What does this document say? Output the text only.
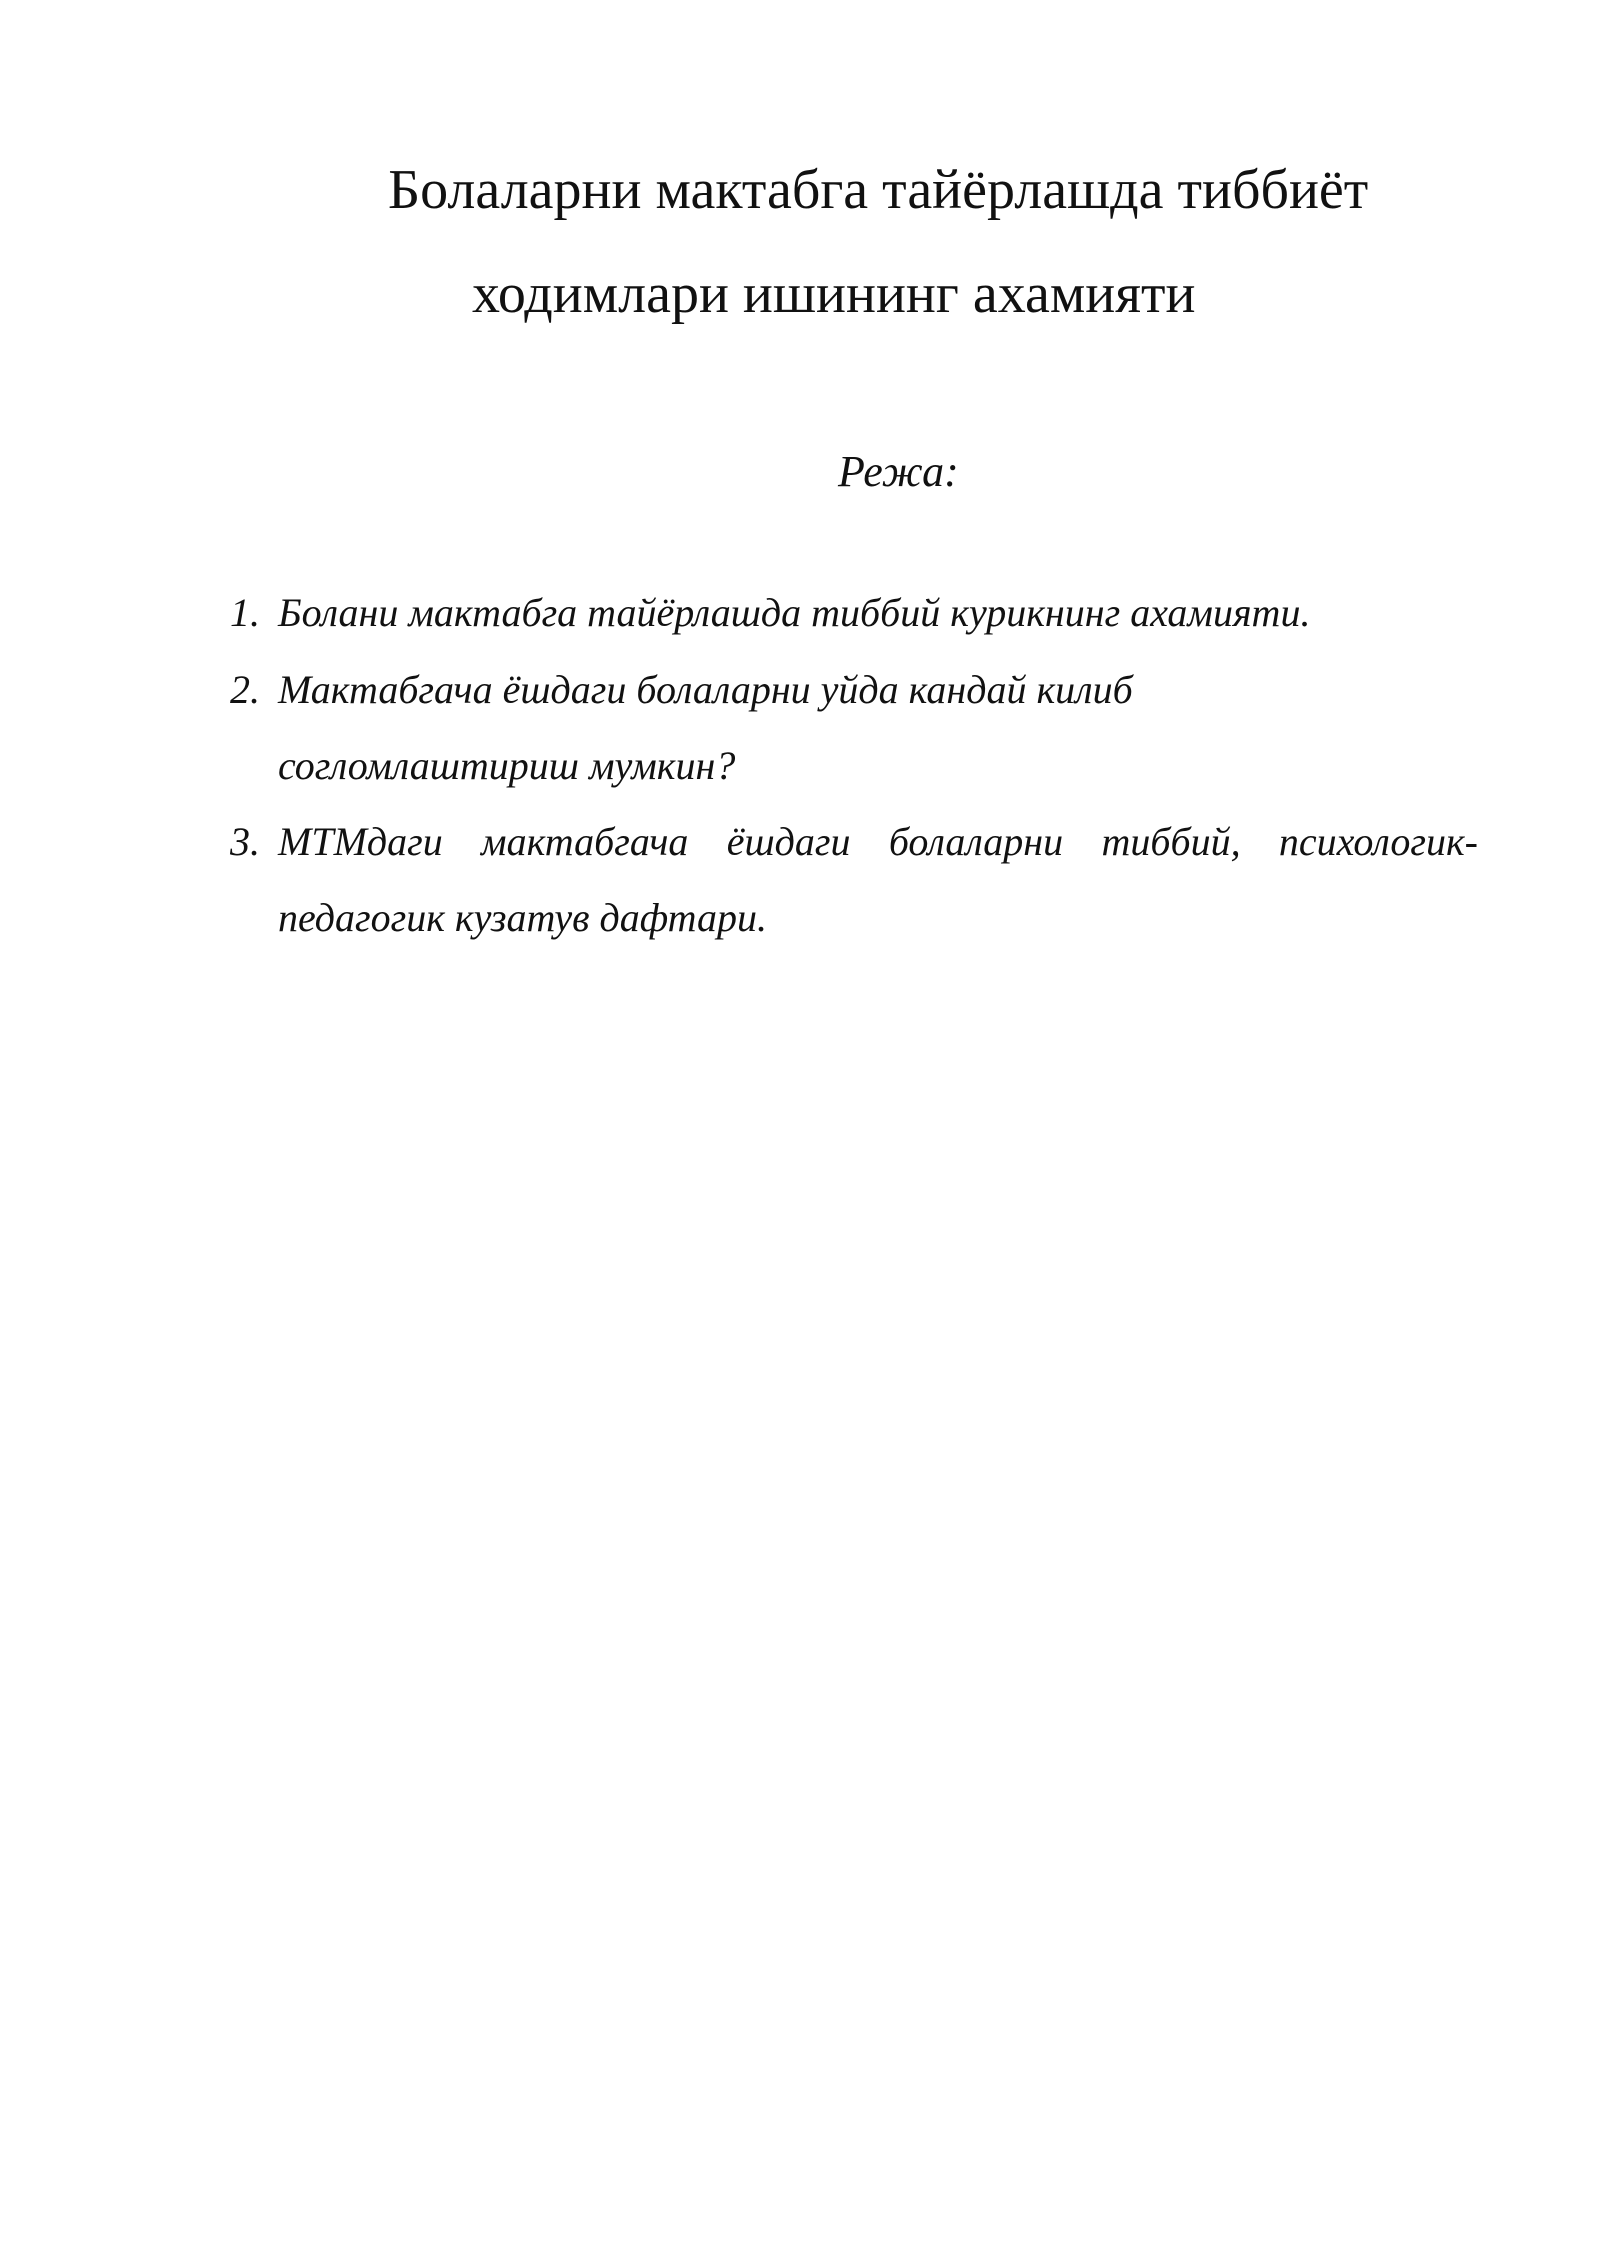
Болаларни мактабга тайёрлашда тиббиёт
ходимлари ишининг ахамияти

Режа:

1. Болани мактабга тайёрлашда тиббий курикнинг ахамияти.
2. Мактабгача ёшдаги болаларни уйда кандай килиб
согломлаштириш мумкин?
3. МТМдаги мактабгача ёшдаги болаларни тиббий, психологик-
педагогик кузатув дафтари.
